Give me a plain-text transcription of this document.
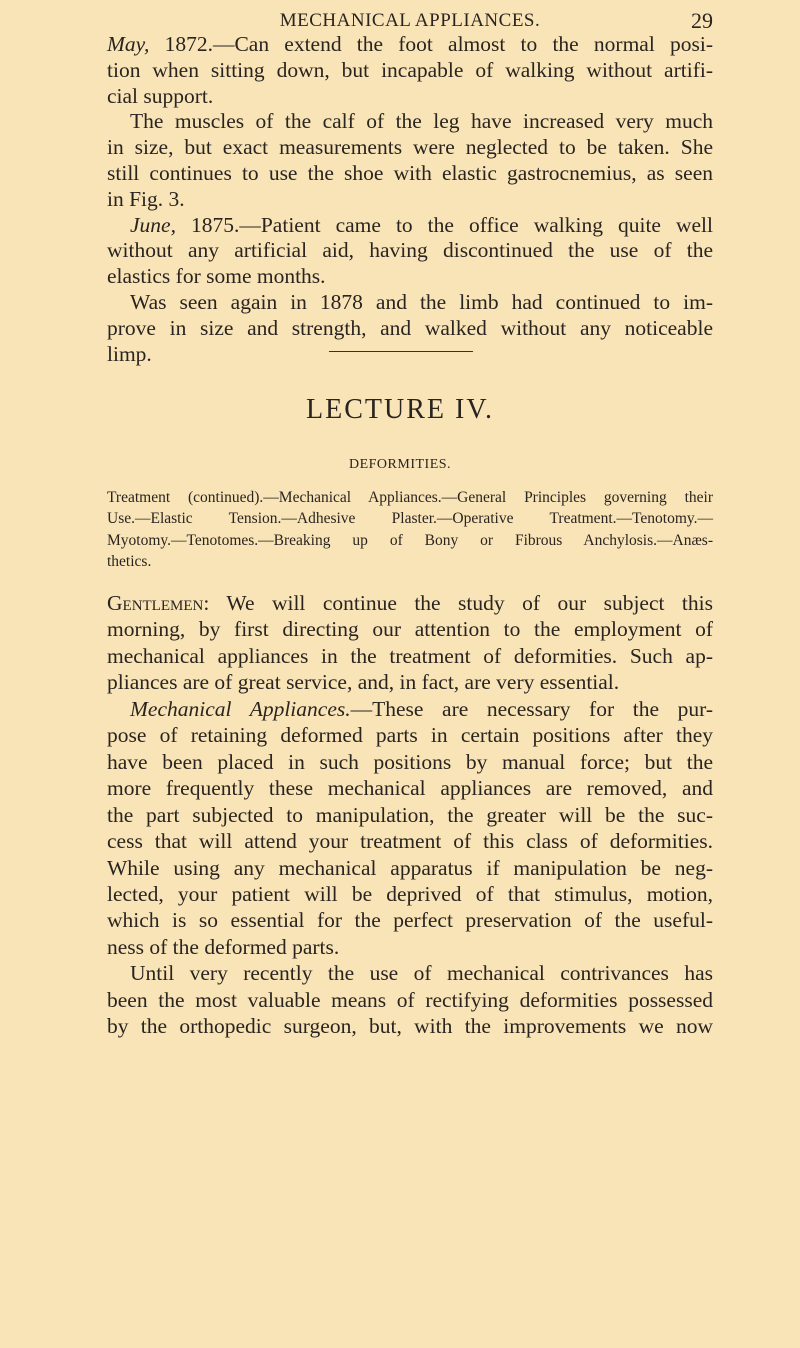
MECHANICAL APPLIANCES.	29
May, 1872.—Can extend the foot almost to the normal posi-
tion when sitting down, but incapable of walking without artifi-
cial support.
The muscles of the calf of the leg have increased very much
in size, but exact measurements were neglected to be taken. She
still continues to use the shoe with elastic gastrocnemius, as seen
in Fig. 3.
June, 1875.—Patient came to the office walking quite well
without any artificial aid, having discontinued the use of the
elastics for some months.
Was seen again in 1878 and the limb had continued to im-
prove in size and strength, and walked without any noticeable
limp.
LECTURE IV.
DEFORMITIES.
Treatment (continued).—Mechanical Appliances.—General Principles governing their
Use.—Elastic Tension.—Adhesive Plaster.—Operative Treatment.—Tenotomy.—
Myotomy.—Tenotomes.—Breaking up of Bony or Fibrous Anchylosis.—Anæs-
thetics.
Gentlemen: We will continue the study of our subject this
morning, by first directing our attention to the employment of
mechanical appliances in the treatment of deformities. Such ap-
pliances are of great service, and, in fact, are very essential.
Mechanical Appliances.—These are necessary for the pur-
pose of retaining deformed parts in certain positions after they
have been placed in such positions by manual force; but the
more frequently these mechanical appliances are removed, and
the part subjected to manipulation, the greater will be the suc-
cess that will attend your treatment of this class of deformities.
While using any mechanical apparatus if manipulation be neg-
lected, your patient will be deprived of that stimulus, motion,
which is so essential for the perfect preservation of the useful-
ness of the deformed parts.
Until very recently the use of mechanical contrivances has
been the most valuable means of rectifying deformities possessed
by the orthopedic surgeon, but, with the improvements we now
